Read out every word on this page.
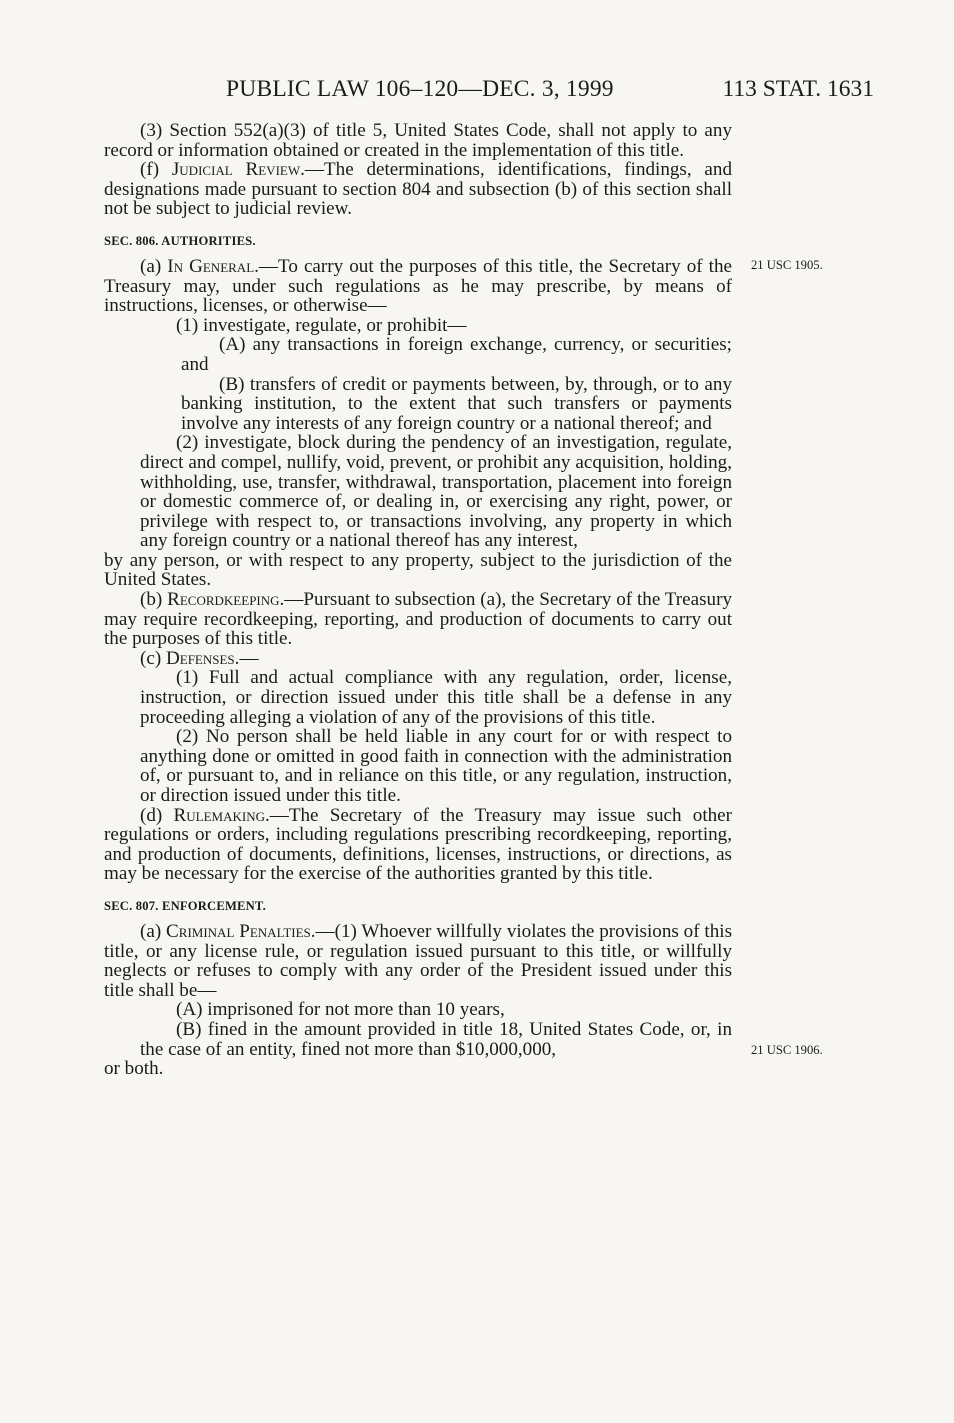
PUBLIC LAW 106–120—DEC. 3, 1999	113 STAT. 1631

(3) Section 552(a)(3) of title 5, United States Code, shall not apply to any record or information obtained or created in the implementation of this title.

(f) Judicial Review.—The determinations, identifications, findings, and designations made pursuant to section 804 and subsection (b) of this section shall not be subject to judicial review.

SEC. 806. AUTHORITIES.

(a) In General.—To carry out the purposes of this title, the Secretary of the Treasury may, under such regulations as he may prescribe, by means of instructions, licenses, or otherwise—

(1) investigate, regulate, or prohibit—

(A) any transactions in foreign exchange, currency, or securities; and

(B) transfers of credit or payments between, by, through, or to any banking institution, to the extent that such transfers or payments involve any interests of any foreign country or a national thereof; and

(2) investigate, block during the pendency of an investigation, regulate, direct and compel, nullify, void, prevent, or prohibit any acquisition, holding, withholding, use, transfer, withdrawal, transportation, placement into foreign or domestic commerce of, or dealing in, or exercising any right, power, or privilege with respect to, or transactions involving, any property in which any foreign country or a national thereof has any interest,

by any person, or with respect to any property, subject to the jurisdiction of the United States.

(b) Recordkeeping.—Pursuant to subsection (a), the Secretary of the Treasury may require recordkeeping, reporting, and production of documents to carry out the purposes of this title.

(c) Defenses.—

(1) Full and actual compliance with any regulation, order, license, instruction, or direction issued under this title shall be a defense in any proceeding alleging a violation of any of the provisions of this title.

(2) No person shall be held liable in any court for or with respect to anything done or omitted in good faith in connection with the administration of, or pursuant to, and in reliance on this title, or any regulation, instruction, or direction issued under this title.

(d) Rulemaking.—The Secretary of the Treasury may issue such other regulations or orders, including regulations prescribing recordkeeping, reporting, and production of documents, definitions, licenses, instructions, or directions, as may be necessary for the exercise of the authorities granted by this title.

SEC. 807. ENFORCEMENT.

(a) Criminal Penalties.—(1) Whoever willfully violates the provisions of this title, or any license rule, or regulation issued pursuant to this title, or willfully neglects or refuses to comply with any order of the President issued under this title shall be—

(A) imprisoned for not more than 10 years,

(B) fined in the amount provided in title 18, United States Code, or, in the case of an entity, fined not more than $10,000,000,

or both.

21 USC 1905.
21 USC 1906.
